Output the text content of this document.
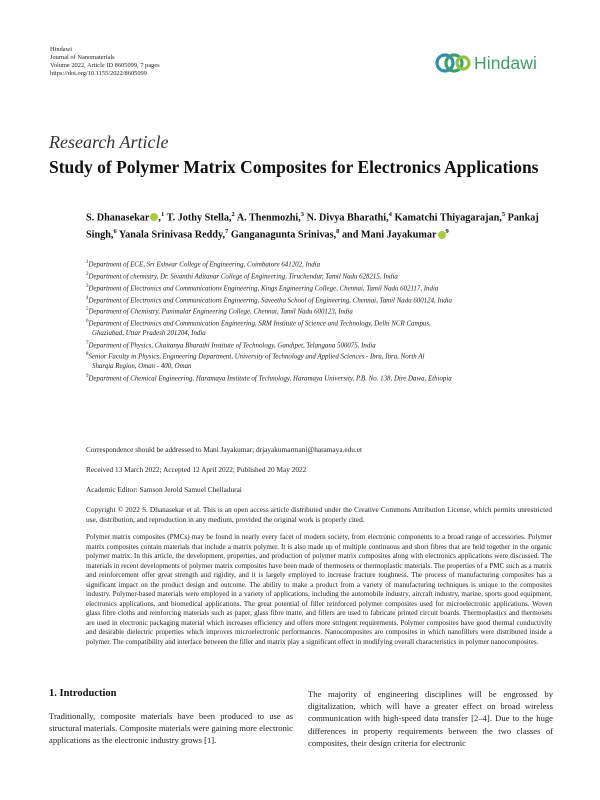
Hindawi
Journal of Nanomaterials
Volume 2022, Article ID 8605099, 7 pages
https://doi.org/10.1155/2022/8605099
Hindawi
Research Article
Study of Polymer Matrix Composites for Electronics Applications
S. Dhanasekar ,$^1$ T. Jothy Stella,$^2$ A. Thenmozhi,$^3$ N. Divya Bharathi,$^4$ Kamatchi Thiyagarajan,$^5$ Pankaj Singh,$^6$ Yanala Srinivasa Reddy,$^7$ Ganganagunta Srinivas,$^8$ and Mani Jayakumar $^9$
$^1$Department of ECE, Sri Eshwar College of Engineering, Coimbatore 641202, India
$^2$Department of chemistry, Dr. Sivanthi Aditanar College of Engineering, Tiruchendur, Tamil Nadu 628215, India
$^3$Department of Electronics and Communications Engineering, Kings Engineering College, Chennai, Tamil Nadu 602117, India
$^4$Department of Electronics and Communications Engineering, Saveetha School of Engineering, Chennai, Tamil Nadu 600124, India
$^5$Department of Chemistry, Panimalar Engineering College, Chennai, Tamil Nadu 600123, India
$^6$Department of Electronics and Communication Engineering, SRM Institute of Science and Technology, Delhi NCR Campus,
Ghaziabad, Uttar Pradesh 201204, India
$^7$Department of Physics, Chaitanya Bharathi Institute of Technology, Gandipet, Telangana 500075, India
$^8$Senior Faculty in Physics, Engineering Department, University of Technology and Applied Sciences - Ibra, Ibra, North Al
Sharqia Region, Oman - 400, Oman
$^9$Department of Chemical Engineering, Haramaya Institute of Technology, Haramaya University, P.B. No. 138, Dire Dawa, Ethiopia
Correspondence should be addressed to Mani Jayakumar; drjayakumarmani@haramaya.edu.et
Received 13 March 2022; Accepted 12 April 2022; Published 20 May 2022
Academic Editor: Samson Jerold Samuel Chelladurai
Copyright © 2022 S. Dhanasekar et al. This is an open access article distributed under the Creative Commons Attribution License, which permits unrestricted use, distribution, and reproduction in any medium, provided the original work is properly cited.
Polymer matrix composites (PMCs) may be found in nearly every facet of modern society, from electronic components to a broad range of accessories. Polymer matrix composites contain materials that include a matrix polymer. It is also made up of multiple continuous and short fibres that are held together in the organic polymer matrix. In this article, the development, properties, and production of polymer matrix composites along with electronics applications were discussed. The materials in recent developments of polymer matrix composites have been made of thermosets or thermoplastic materials. The properties of a PMC such as a matrix and reinforcement offer great strength and rigidity, and it is largely employed to increase fracture toughness. The process of manufacturing composites has a significant impact on the product design and outcome. The ability to make a product from a variety of manufacturing techniques is unique to the composites industry. Polymer-based materials were employed in a variety of applications, including the automobile industry, aircraft industry, marine, sports good equipment, electronics applications, and biomedical applications. The great potential of filler reinforced polymer composites used for microelectronic applications. Woven glass fibre cloths and reinforcing materials such as paper, glass fibre matte, and fillers are used to fabricate printed circuit boards. Thermoplastics and thermosets are used in electronic packaging material which increases efficiency and offers more stringent requirements. Polymer composites have good thermal conductivity and desirable dielectric properties which improves microelectronic performances. Nanocomposites are composites in which nanofillers were distributed inside a polymer. The compatibility and interface between the filler and matrix play a significant effect in modifying overall characteristics in polymer nanocomposites.
1. Introduction
Traditionally, composite materials have been produced to use as structural materials. Composite materials were gaining more electronic applications as the electronic industry grows [1].
The majority of engineering disciplines will be engrossed by digitalization, which will have a greater effect on broad wireless communication with high-speed data transfer [2–4]. Due to the huge differences in property requirements between the two classes of composites, their design criteria for electronic
